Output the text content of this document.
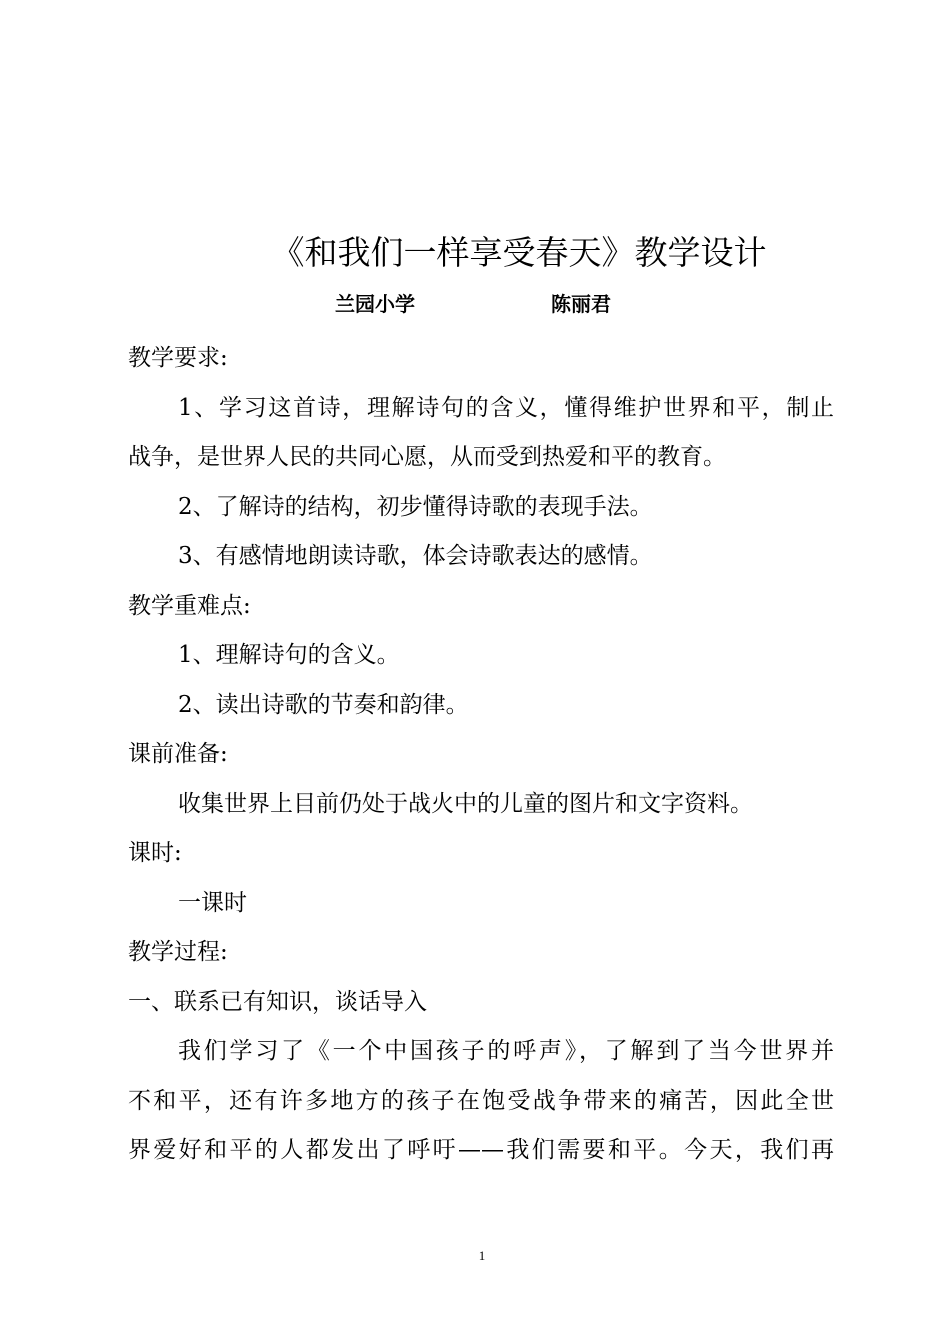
《和我们一样享受春天》教学设计
兰园小学	陈丽君
教学要求:
1、学习这首诗，理解诗句的含义，懂得维护世界和平，制止
战争，是世界人民的共同心愿，从而受到热爱和平的教育。
2、了解诗的结构，初步懂得诗歌的表现手法。
3、有感情地朗读诗歌，体会诗歌表达的感情。
教学重难点:
1、理解诗句的含义。
2、读出诗歌的节奏和韵律。
课前准备:
收集世界上目前仍处于战火中的儿童的图片和文字资料。
课时:
一课时
教学过程:
一、联系已有知识，谈话导入
我们学习了《一个中国孩子的呼声》，了解到了当今世界并
不和平，还有许多地方的孩子在饱受战争带来的痛苦，因此全世
界爱好和平的人都发出了呼吁——我们需要和平。今天，我们再
1
